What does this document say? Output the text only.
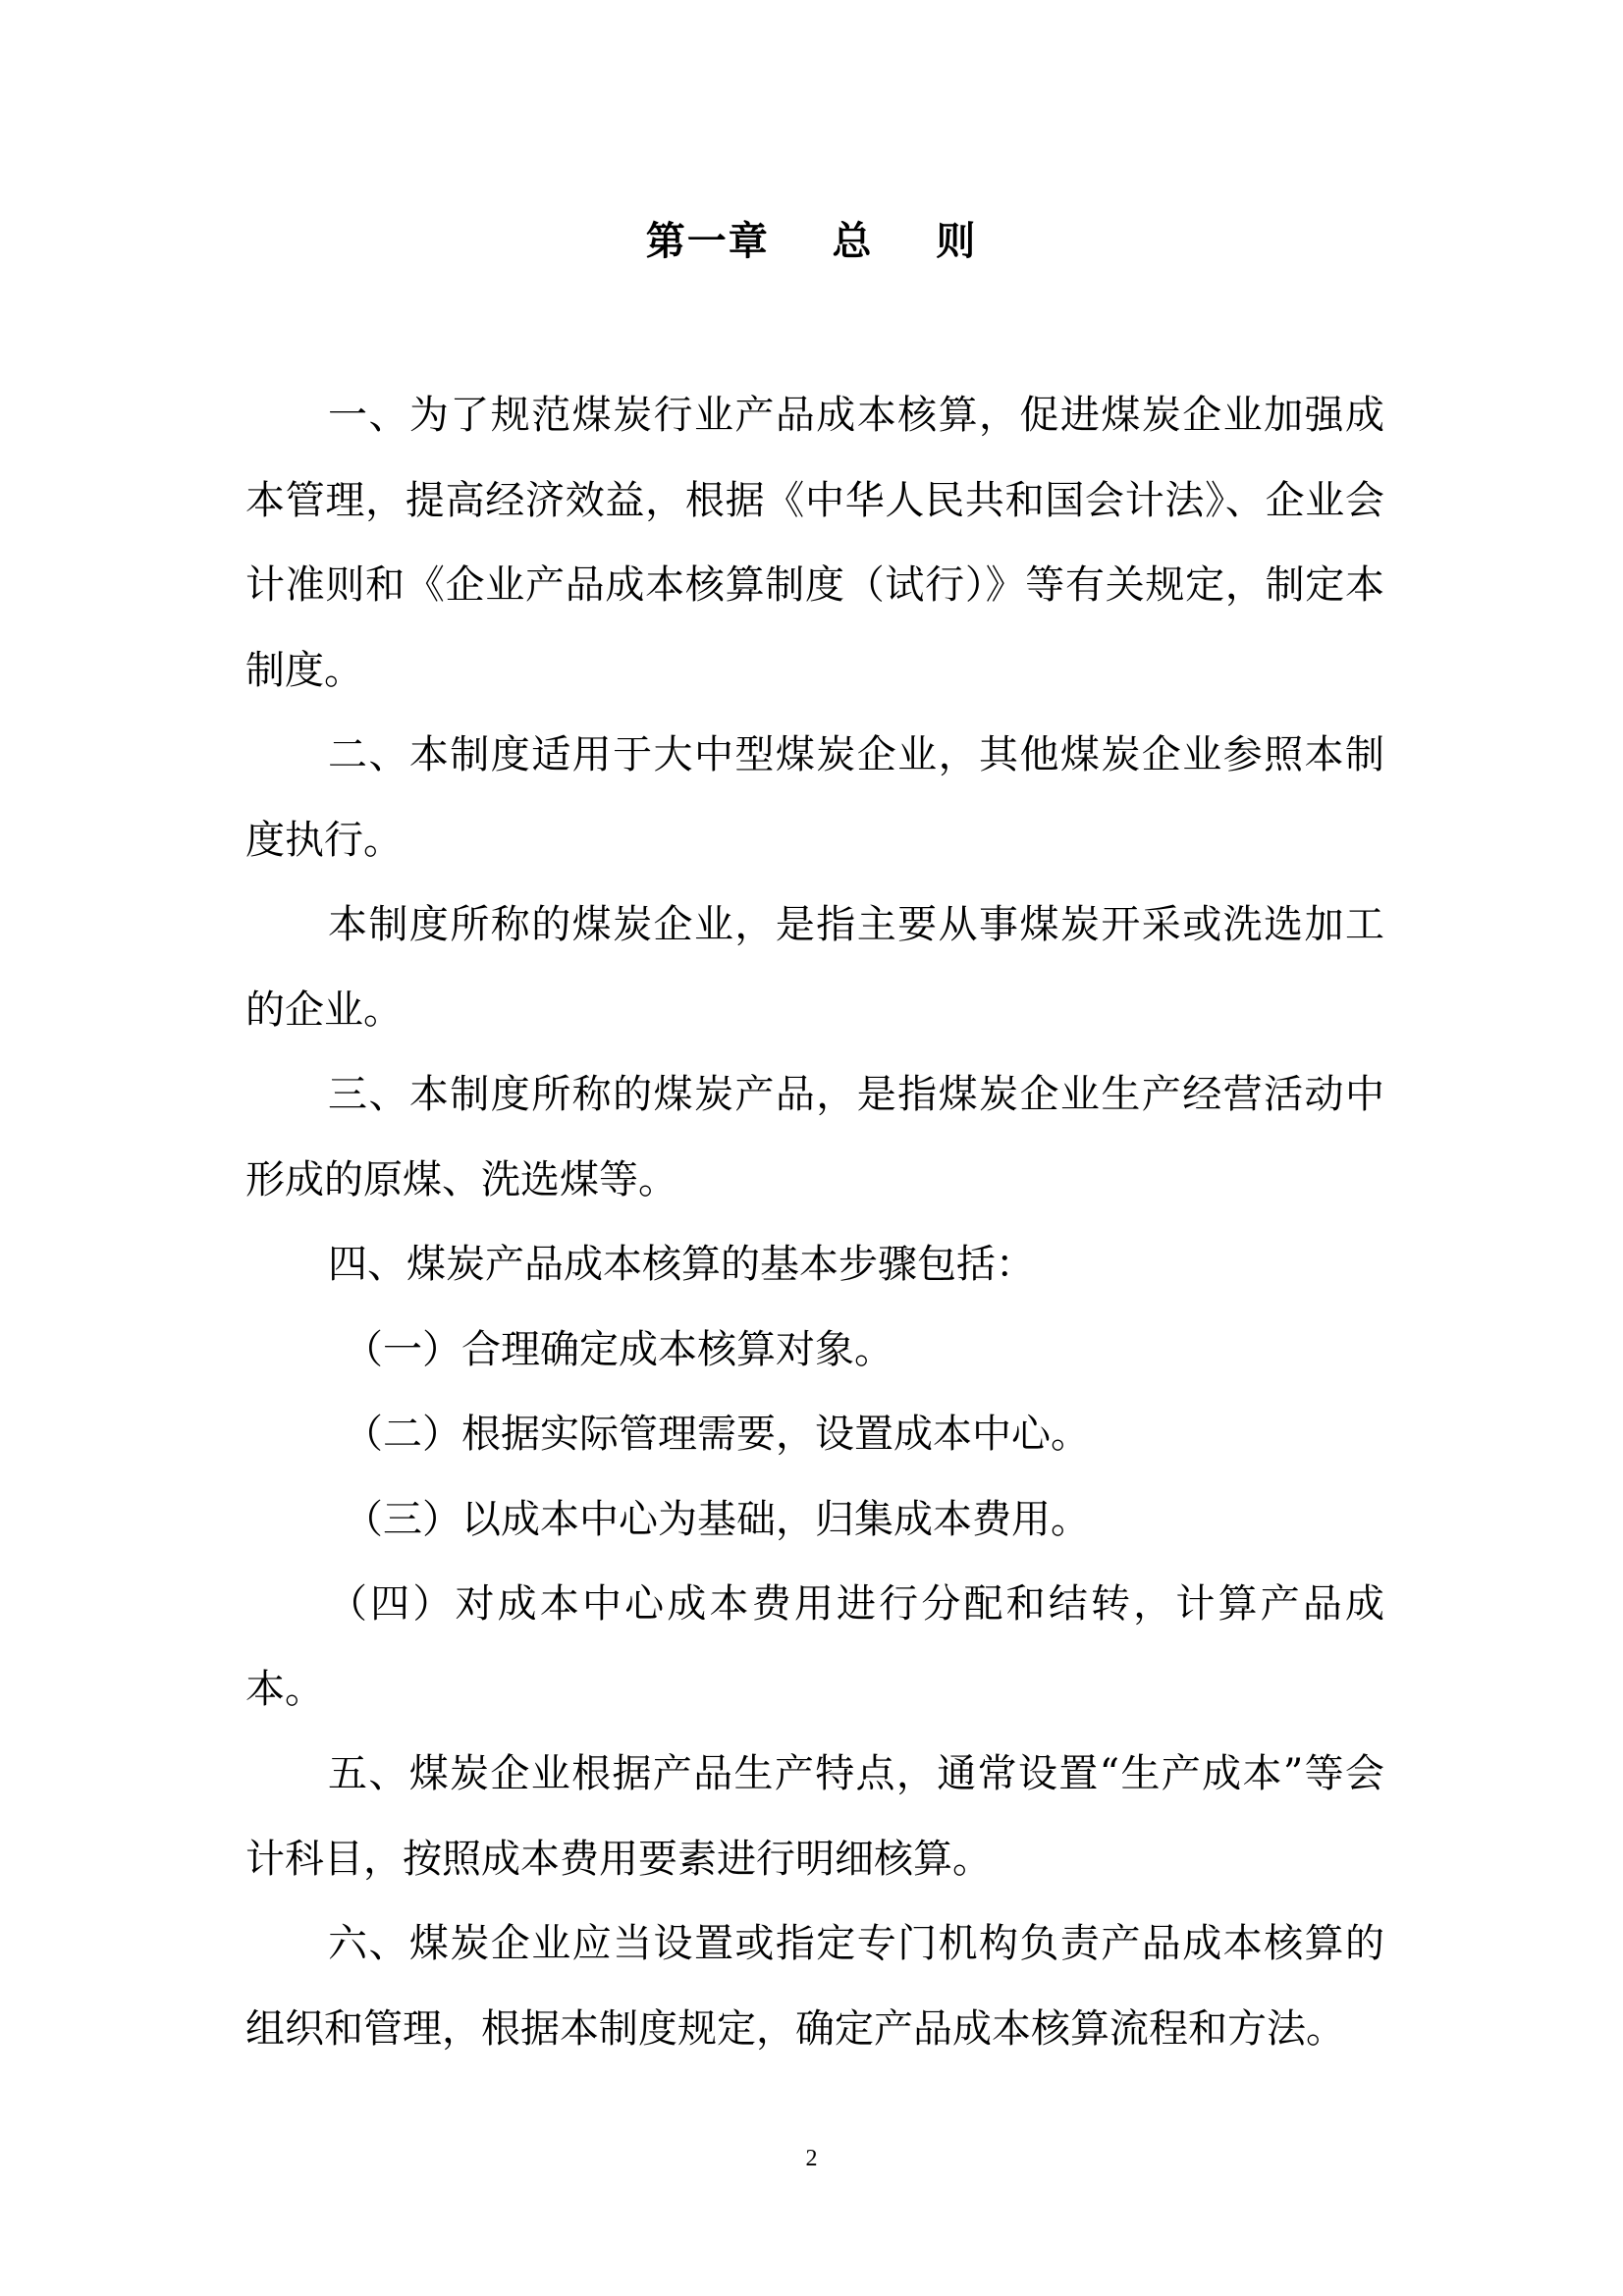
第一章    总    则

一、为了规范煤炭行业产品成本核算，促进煤炭企业加强成本管理，提高经济效益，根据《中华人民共和国会计法》、企业会计准则和《企业产品成本核算制度（试行）》等有关规定，制定本制度。

二、本制度适用于大中型煤炭企业，其他煤炭企业参照本制度执行。

本制度所称的煤炭企业，是指主要从事煤炭开采或洗选加工的企业。

三、本制度所称的煤炭产品，是指煤炭企业生产经营活动中形成的原煤、洗选煤等。

四、煤炭产品成本核算的基本步骤包括：

（一）合理确定成本核算对象。

（二）根据实际管理需要，设置成本中心。

（三）以成本中心为基础，归集成本费用。

（四）对成本中心成本费用进行分配和结转，计算产品成本。

五、煤炭企业根据产品生产特点，通常设置“生产成本”等会计科目，按照成本费用要素进行明细核算。

六、煤炭企业应当设置或指定专门机构负责产品成本核算的组织和管理，根据本制度规定，确定产品成本核算流程和方法。

2
